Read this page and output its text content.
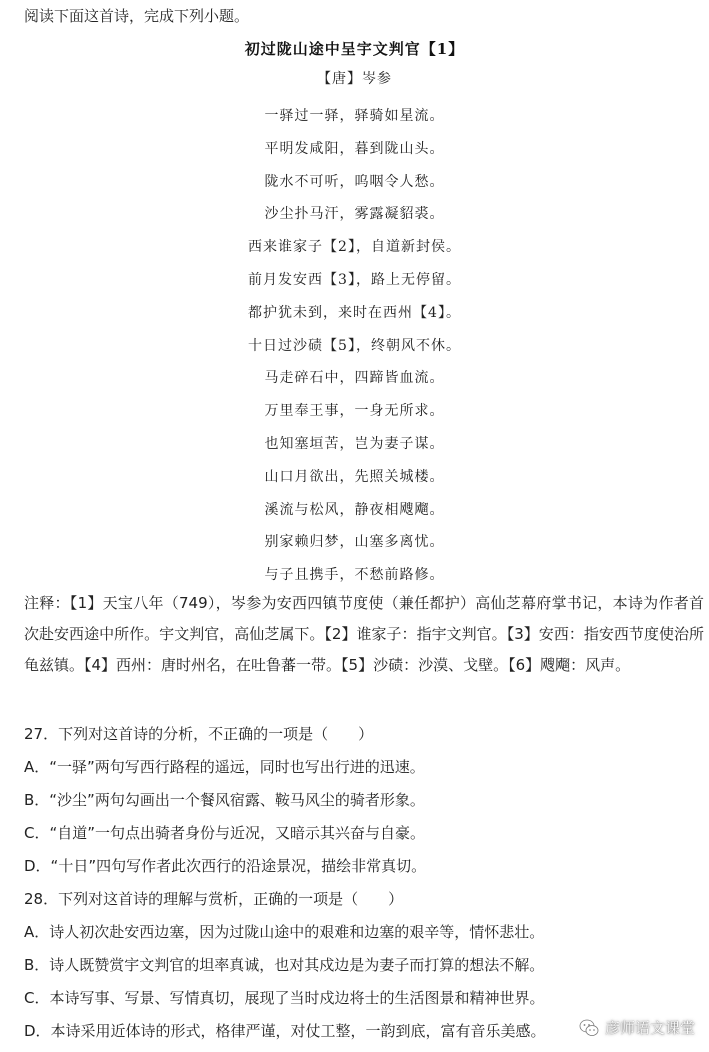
阅读下面这首诗，完成下列小题。
初过陇山途中呈宇文判官【1】
【唐】岑参
一驿过一驿，驿骑如星流。
平明发咸阳，暮到陇山头。
陇水不可听，呜咽令人愁。
沙尘扑马汗，雾露凝貂裘。
西来谁家子【2】，自道新封侯。
前月发安西【3】，路上无停留。
都护犹未到，来时在西州【4】。
十日过沙碛【5】，终朝风不休。
马走碎石中，四蹄皆血流。
万里奉王事，一身无所求。
也知塞垣苦，岂为妻子谋。
山口月欲出，先照关城楼。
溪流与松风，静夜相飕飗。
别家赖归梦，山塞多离忧。
与子且携手，不愁前路修。
注释：【1】天宝八年（749），岑参为安西四镇节度使（兼任都护）高仙芝幕府掌书记，本诗为作者首次赴安西途中所作。宇文判官，高仙芝属下。【2】谁家子：指宇文判官。【3】安西：指安西节度使治所龟兹镇。【4】西州：唐时州名，在吐鲁蕃一带。【5】沙碛：沙漠、戈壁。【6】飕飗：风声。
27．下列对这首诗的分析，不正确的一项是（　　）
A．“一驿”两句写西行路程的遥远，同时也写出行进的迅速。
B．“沙尘”两句勾画出一个餐风宿露、鞍马风尘的骑者形象。
C．“自道”一句点出骑者身份与近况，又暗示其兴奋与自豪。
D．“十日”四句写作者此次西行的沿途景况，描绘非常真切。
28．下列对这首诗的理解与赏析，正确的一项是（　　）
A．诗人初次赴安西边塞，因为过陇山途中的艰难和边塞的艰辛等，情怀悲壮。
B．诗人既赞赏宇文判官的坦率真诚，也对其戍边是为妻子而打算的想法不解。
C．本诗写事、写景、写情真切，展现了当时戍边将士的生活图景和精神世界。
D．本诗采用近体诗的形式，格律严谨，对仗工整，一韵到底，富有音乐美感。	彦师语文课堂
